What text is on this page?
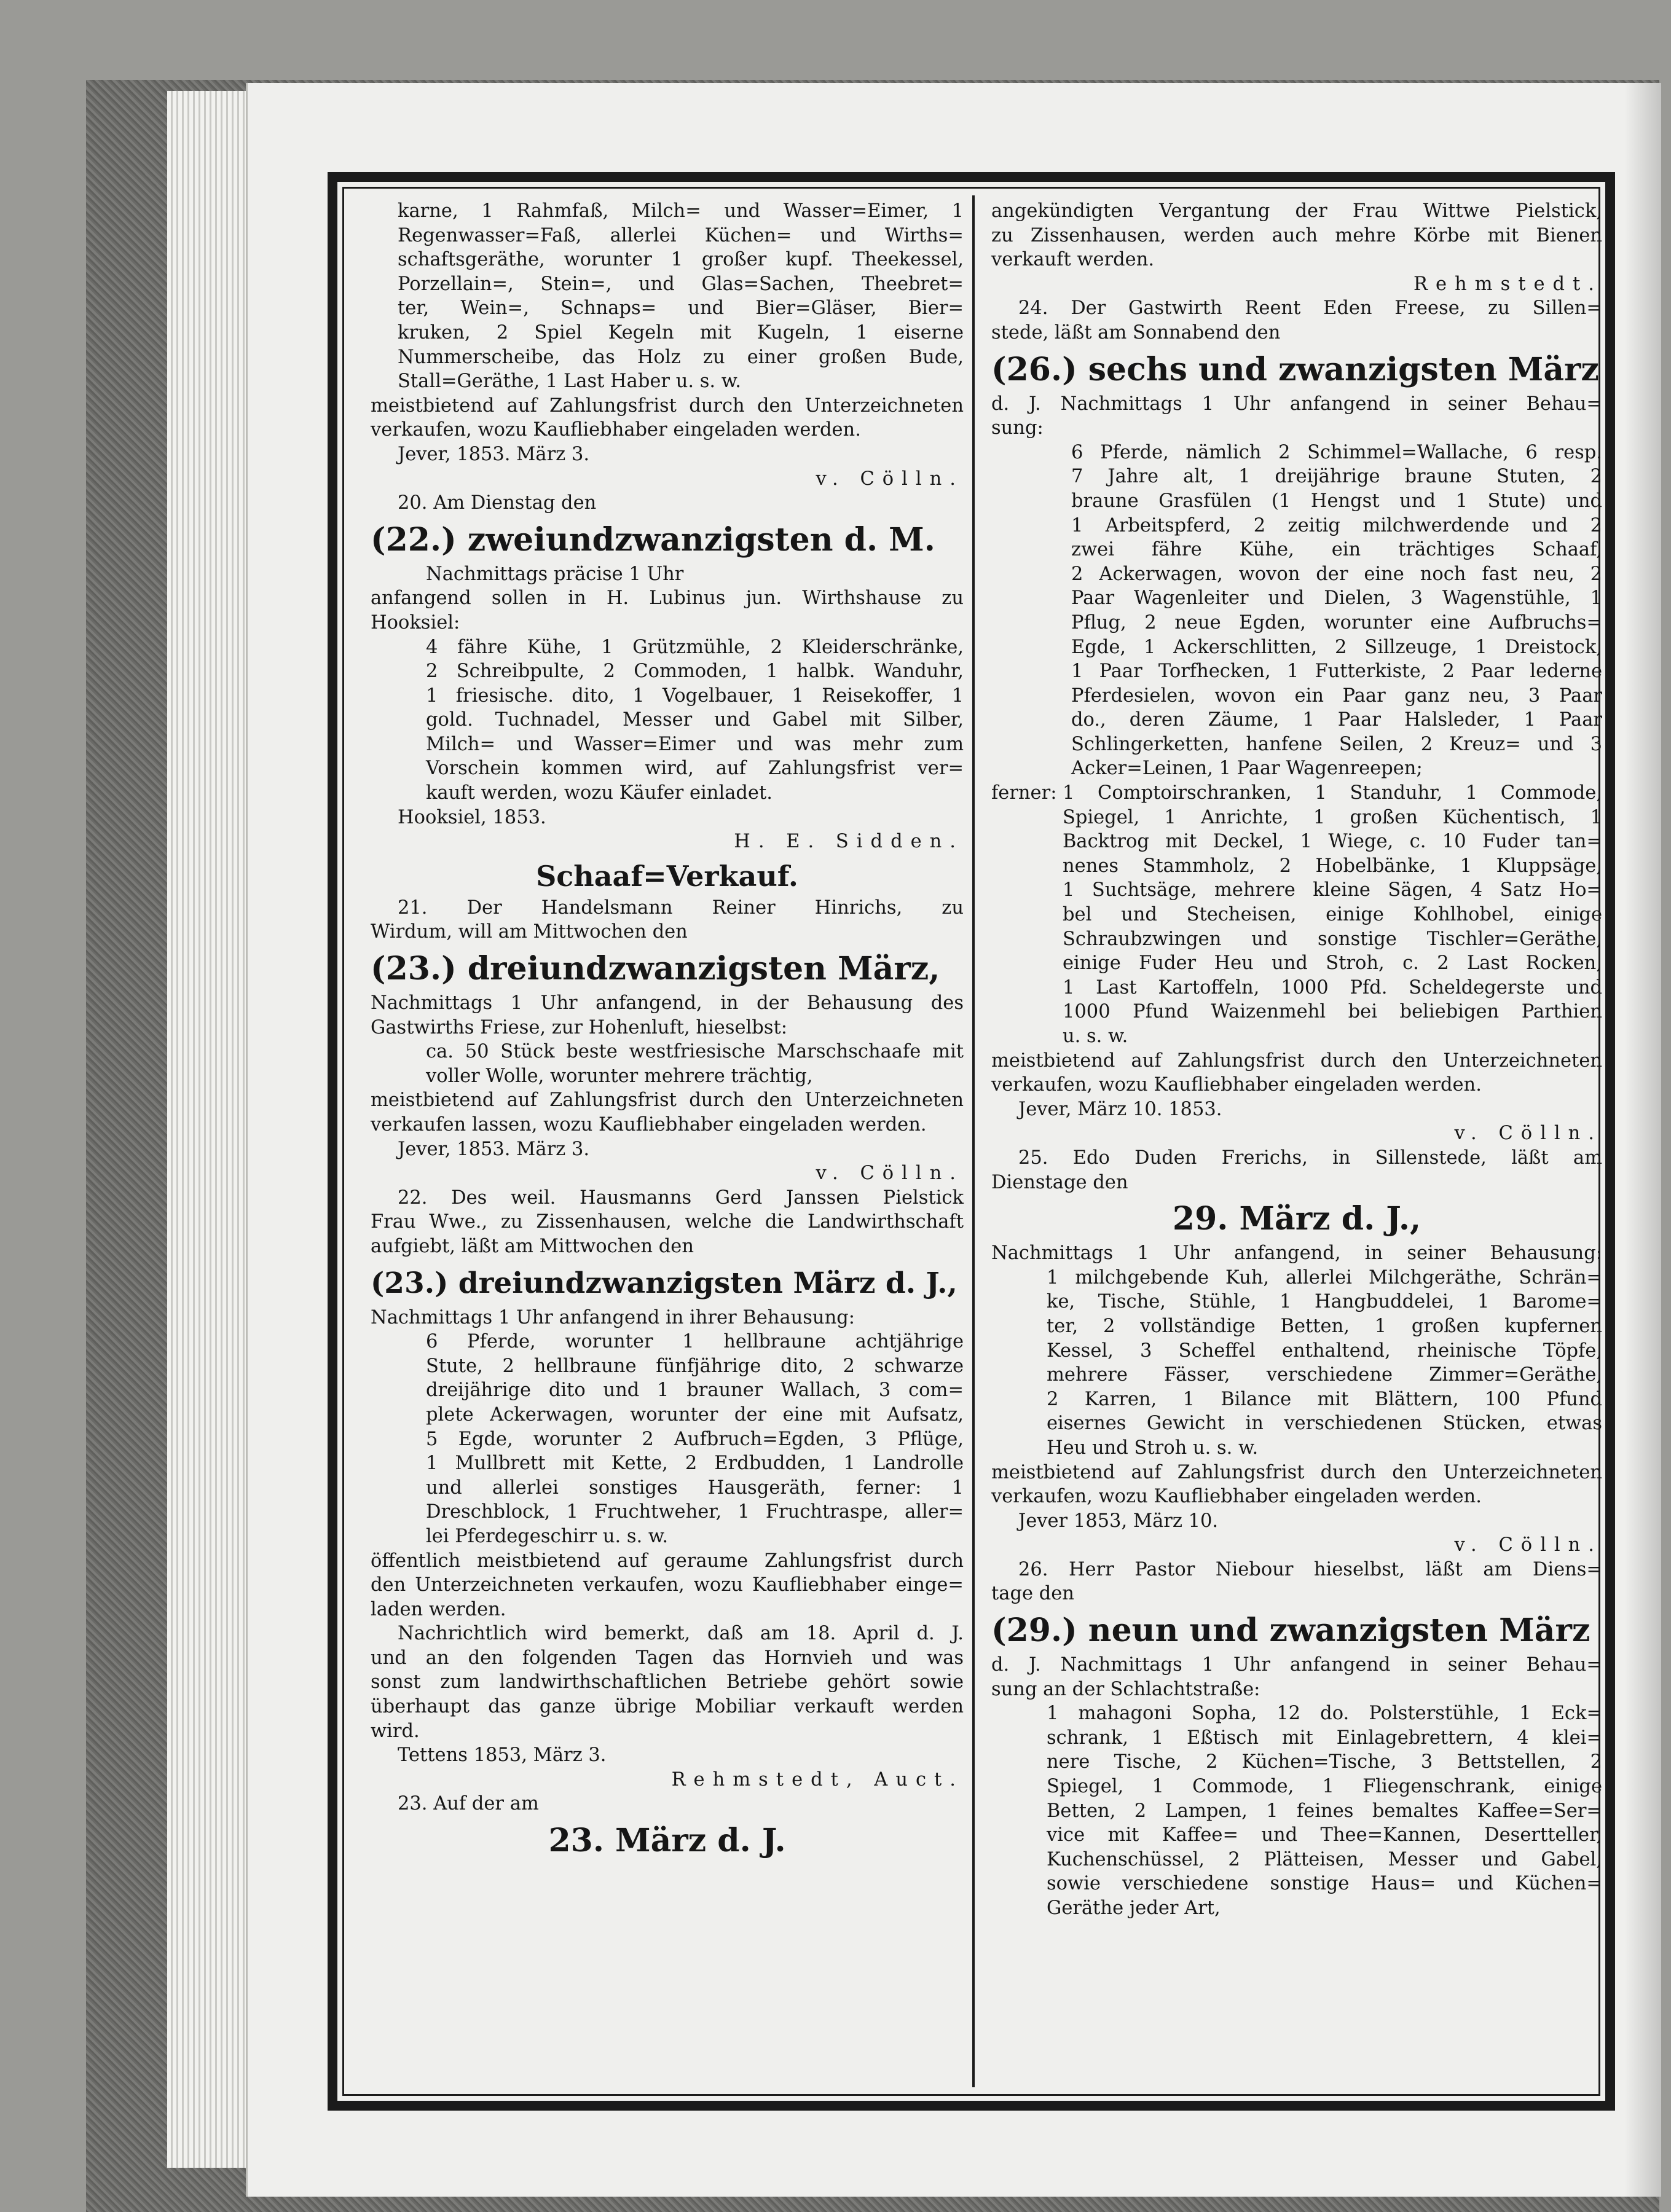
karne, 1 Rahmfaß, Milch= und Wasser=Eimer, 1
Regenwasser=Faß, allerlei Küchen= und Wirths=
schaftsgeräthe, worunter 1 großer kupf. Theekessel,
Porzellain=, Stein=, und Glas=Sachen, Theebret=
ter, Wein=, Schnaps= und Bier=Gläser, Bier=
kruken, 2 Spiel Kegeln mit Kugeln, 1 eiserne
Nummerscheibe, das Holz zu einer großen Bude,
Stall=Geräthe, 1 Last Haber u. s. w.
meistbietend auf Zahlungsfrist durch den Unterzeichneten
verkaufen, wozu Kaufliebhaber eingeladen werden.
Jever, 1853. März 3.
v. Cölln.
20. Am Dienstag den
(22.) zweiundzwanzigsten d. M.
Nachmittags präcise 1 Uhr
anfangend sollen in H. Lubinus jun. Wirthshause zu
Hooksiel:
4 fähre Kühe, 1 Grützmühle, 2 Kleiderschränke,
2 Schreibpulte, 2 Commoden, 1 halbk. Wanduhr,
1 friesische. dito, 1 Vogelbauer, 1 Reisekoffer, 1
gold. Tuchnadel, Messer und Gabel mit Silber,
Milch= und Wasser=Eimer und was mehr zum
Vorschein kommen wird, auf Zahlungsfrist ver=
kauft werden, wozu Käufer einladet.
Hooksiel, 1853.
H. E. Sidden.
Schaaf=Verkauf.
21. Der Handelsmann Reiner Hinrichs, zu
Wirdum, will am Mittwochen den
(23.) dreiundzwanzigsten März,
Nachmittags 1 Uhr anfangend, in der Behausung des
Gastwirths Friese, zur Hohenluft, hieselbst:
ca. 50 Stück beste westfriesische Marschschaafe mit
voller Wolle, worunter mehrere trächtig,
meistbietend auf Zahlungsfrist durch den Unterzeichneten
verkaufen lassen, wozu Kaufliebhaber eingeladen werden.
Jever, 1853. März 3.
v. Cölln.
22. Des weil. Hausmanns Gerd Janssen Pielstick
Frau Wwe., zu Zissenhausen, welche die Landwirthschaft
aufgiebt, läßt am Mittwochen den
(23.) dreiundzwanzigsten März d. J.,
Nachmittags 1 Uhr anfangend in ihrer Behausung:
6 Pferde, worunter 1 hellbraune achtjährige
Stute, 2 hellbraune fünfjährige dito, 2 schwarze
dreijährige dito und 1 brauner Wallach, 3 com=
plete Ackerwagen, worunter der eine mit Aufsatz,
5 Egde, worunter 2 Aufbruch=Egden, 3 Pflüge,
1 Mullbrett mit Kette, 2 Erdbudden, 1 Landrolle
und allerlei sonstiges Hausgeräth, ferner: 1
Dreschblock, 1 Fruchtweher, 1 Fruchtraspe, aller=
lei Pferdegeschirr u. s. w.
öffentlich meistbietend auf geraume Zahlungsfrist durch
den Unterzeichneten verkaufen, wozu Kaufliebhaber einge=
laden werden.
Nachrichtlich wird bemerkt, daß am 18. April d. J.
und an den folgenden Tagen das Hornvieh und was
sonst zum landwirthschaftlichen Betriebe gehört sowie
überhaupt das ganze übrige Mobiliar verkauft werden
wird.
Tettens 1853, März 3.
Rehmstedt, Auct.
23. Auf der am
23. März d. J.
angekündigten Vergantung der Frau Wittwe Pielstick,
zu Zissenhausen, werden auch mehre Körbe mit Bienen
verkauft werden.
Rehmstedt.
24. Der Gastwirth Reent Eden Freese, zu Sillen=
stede, läßt am Sonnabend den
(26.) sechs und zwanzigsten März
d. J. Nachmittags 1 Uhr anfangend in seiner Behau=
sung:
6 Pferde, nämlich 2 Schimmel=Wallache, 6 resp.
7 Jahre alt, 1 dreijährige braune Stuten, 2
braune Grasfülen (1 Hengst und 1 Stute) und
1 Arbeitspferd, 2 zeitig milchwerdende und 2
zwei fähre Kühe, ein trächtiges Schaaf,
2 Ackerwagen, wovon der eine noch fast neu, 2
Paar Wagenleiter und Dielen, 3 Wagenstühle, 1
Pflug, 2 neue Egden, worunter eine Aufbruchs=
Egde, 1 Ackerschlitten, 2 Sillzeuge, 1 Dreistock,
1 Paar Torfhecken, 1 Futterkiste, 2 Paar lederne
Pferdesielen, wovon ein Paar ganz neu, 3 Paar
do., deren Zäume, 1 Paar Halsleder, 1 Paar
Schlingerketten, hanfene Seilen, 2 Kreuz= und 3
Acker=Leinen, 1 Paar Wagenreepen;
ferner: 1 Comptoirschranken, 1 Standuhr, 1 Commode,
Spiegel, 1 Anrichte, 1 großen Küchentisch, 1
Backtrog mit Deckel, 1 Wiege, c. 10 Fuder tan=
nenes Stammholz, 2 Hobelbänke, 1 Kluppsäge,
1 Suchtsäge, mehrere kleine Sägen, 4 Satz Ho=
bel und Stecheisen, einige Kohlhobel, einige
Schraubzwingen und sonstige Tischler=Geräthe,
einige Fuder Heu und Stroh, c. 2 Last Rocken,
1 Last Kartoffeln, 1000 Pfd. Scheldegerste und
1000 Pfund Waizenmehl bei beliebigen Parthien
u. s. w.
meistbietend auf Zahlungsfrist durch den Unterzeichneten
verkaufen, wozu Kaufliebhaber eingeladen werden.
Jever, März 10. 1853.
v. Cölln.
25. Edo Duden Frerichs, in Sillenstede, läßt am
Dienstage den
29. März d. J.,
Nachmittags 1 Uhr anfangend, in seiner Behausung:
1 milchgebende Kuh, allerlei Milchgeräthe, Schrän=
ke, Tische, Stühle, 1 Hangbuddelei, 1 Barome=
ter, 2 vollständige Betten, 1 großen kupfernen
Kessel, 3 Scheffel enthaltend, rheinische Töpfe,
mehrere Fässer, verschiedene Zimmer=Geräthe,
2 Karren, 1 Bilance mit Blättern, 100 Pfund
eisernes Gewicht in verschiedenen Stücken, etwas
Heu und Stroh u. s. w.
meistbietend auf Zahlungsfrist durch den Unterzeichneten
verkaufen, wozu Kaufliebhaber eingeladen werden.
Jever 1853, März 10.
v. Cölln.
26. Herr Pastor Niebour hieselbst, läßt am Diens=
tage den
(29.) neun und zwanzigsten März
d. J. Nachmittags 1 Uhr anfangend in seiner Behau=
sung an der Schlachtstraße:
1 mahagoni Sopha, 12 do. Polsterstühle, 1 Eck=
schrank, 1 Eßtisch mit Einlagebrettern, 4 klei=
nere Tische, 2 Küchen=Tische, 3 Bettstellen, 2
Spiegel, 1 Commode, 1 Fliegenschrank, einige
Betten, 2 Lampen, 1 feines bemaltes Kaffee=Ser=
vice mit Kaffee= und Thee=Kannen, Desertteller,
Kuchenschüssel, 2 Plätteisen, Messer und Gabel,
sowie verschiedene sonstige Haus= und Küchen=
Geräthe jeder Art,
